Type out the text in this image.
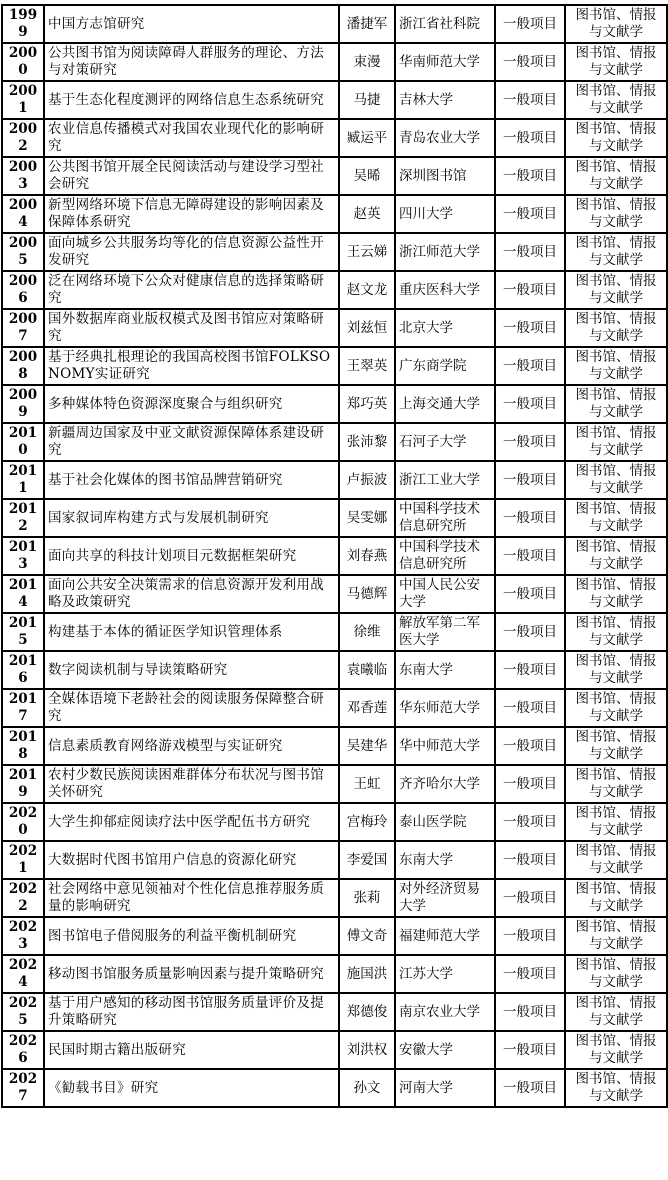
1999	中国方志馆研究	潘捷军	浙江省社科院	一般项目	图书馆、情报与文献学
2000	公共图书馆为阅读障碍人群服务的理论、方法与对策研究	束漫	华南师范大学	一般项目	图书馆、情报与文献学
2001	基于生态化程度测评的网络信息生态系统研究	马捷	吉林大学	一般项目	图书馆、情报与文献学
2002	农业信息传播模式对我国农业现代化的影响研究	臧运平	青岛农业大学	一般项目	图书馆、情报与文献学
2003	公共图书馆开展全民阅读活动与建设学习型社会研究	吴晞	深圳图书馆	一般项目	图书馆、情报与文献学
2004	新型网络环境下信息无障碍建设的影响因素及保障体系研究	赵英	四川大学	一般项目	图书馆、情报与文献学
2005	面向城乡公共服务均等化的信息资源公益性开发研究	王云娣	浙江师范大学	一般项目	图书馆、情报与文献学
2006	泛在网络环境下公众对健康信息的选择策略研究	赵文龙	重庆医科大学	一般项目	图书馆、情报与文献学
2007	国外数据库商业版权模式及图书馆应对策略研究	刘兹恒	北京大学	一般项目	图书馆、情报与文献学
2008	基于经典扎根理论的我国高校图书馆FOLKSONOMY实证研究	王翠英	广东商学院	一般项目	图书馆、情报与文献学
2009	多种媒体特色资源深度聚合与组织研究	郑巧英	上海交通大学	一般项目	图书馆、情报与文献学
2010	新疆周边国家及中亚文献资源保障体系建设研究	张沛黎	石河子大学	一般项目	图书馆、情报与文献学
2011	基于社会化媒体的图书馆品牌营销研究	卢振波	浙江工业大学	一般项目	图书馆、情报与文献学
2012	国家叙词库构建方式与发展机制研究	吴雯娜	中国科学技术信息研究所	一般项目	图书馆、情报与文献学
2013	面向共享的科技计划项目元数据框架研究	刘春燕	中国科学技术信息研究所	一般项目	图书馆、情报与文献学
2014	面向公共安全决策需求的信息资源开发利用战略及政策研究	马德辉	中国人民公安大学	一般项目	图书馆、情报与文献学
2015	构建基于本体的循证医学知识管理体系	徐维	解放军第二军医大学	一般项目	图书馆、情报与文献学
2016	数字阅读机制与导读策略研究	袁曦临	东南大学	一般项目	图书馆、情报与文献学
2017	全媒体语境下老龄社会的阅读服务保障整合研究	邓香莲	华东师范大学	一般项目	图书馆、情报与文献学
2018	信息素质教育网络游戏模型与实证研究	吴建华	华中师范大学	一般项目	图书馆、情报与文献学
2019	农村少数民族阅读困难群体分布状况与图书馆关怀研究	王虹	齐齐哈尔大学	一般项目	图书馆、情报与文献学
2020	大学生抑郁症阅读疗法中医学配伍书方研究	宫梅玲	泰山医学院	一般项目	图书馆、情报与文献学
2021	大数据时代图书馆用户信息的资源化研究	李爱国	东南大学	一般项目	图书馆、情报与文献学
2022	社会网络中意见领袖对个性化信息推荐服务质量的影响研究	张莉	对外经济贸易大学	一般项目	图书馆、情报与文献学
2023	图书馆电子借阅服务的利益平衡机制研究	傅文奇	福建师范大学	一般项目	图书馆、情报与文献学
2024	移动图书馆服务质量影响因素与提升策略研究	施国洪	江苏大学	一般项目	图书馆、情报与文献学
2025	基于用户感知的移动图书馆服务质量评价及提升策略研究	郑德俊	南京农业大学	一般项目	图书馆、情报与文献学
2026	民国时期古籍出版研究	刘洪权	安徽大学	一般项目	图书馆、情报与文献学
2027	《勧载书目》研究	孙文	河南大学	一般项目	图书馆、情报与文献学
